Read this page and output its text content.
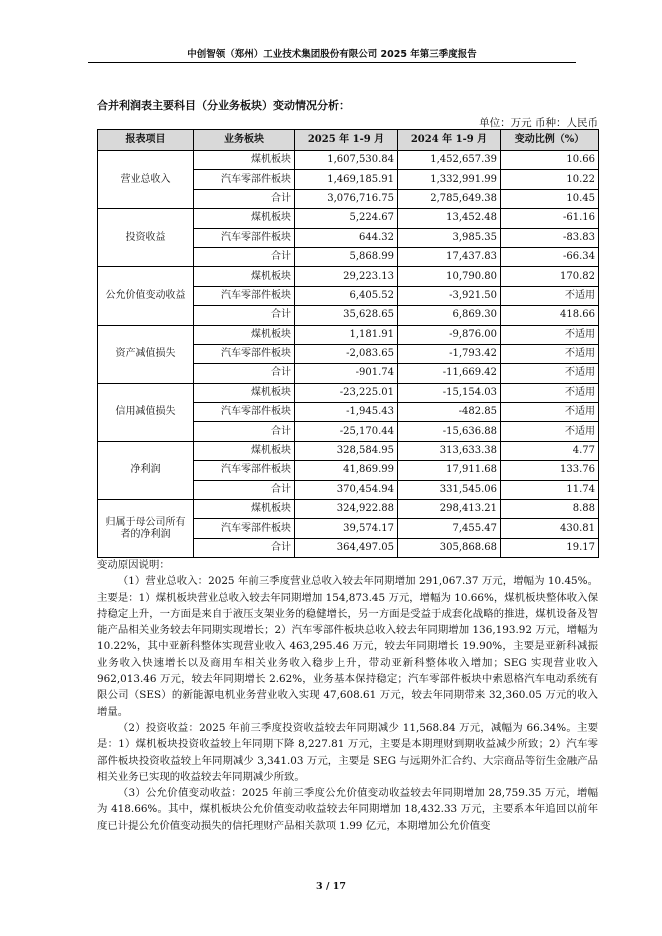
中创智领（郑州）工业技术集团股份有限公司 2025 年第三季度报告
合并利润表主要科目（分业务板块）变动情况分析：
单位：万元 币种：人民币
报表项目	业务板块	2025 年 1-9 月	2024 年 1-9 月	变动比例（%）
营业总收入	煤机板块	1,607,530.84	1,452,657.39	10.66
	汽车零部件板块	1,469,185.91	1,332,991.99	10.22
	合计	3,076,716.75	2,785,649.38	10.45
投资收益	煤机板块	5,224.67	13,452.48	-61.16
	汽车零部件板块	644.32	3,985.35	-83.83
	合计	5,868.99	17,437.83	-66.34
公允价值变动收益	煤机板块	29,223.13	10,790.80	170.82
	汽车零部件板块	6,405.52	-3,921.50	不适用
	合计	35,628.65	6,869.30	418.66
资产减值损失	煤机板块	1,181.91	-9,876.00	不适用
	汽车零部件板块	-2,083.65	-1,793.42	不适用
	合计	-901.74	-11,669.42	不适用
信用减值损失	煤机板块	-23,225.01	-15,154.03	不适用
	汽车零部件板块	-1,945.43	-482.85	不适用
	合计	-25,170.44	-15,636.88	不适用
净利润	煤机板块	328,584.95	313,633.38	4.77
	汽车零部件板块	41,869.99	17,911.68	133.76
	合计	370,454.94	331,545.06	11.74
归属于母公司所有者的净利润	煤机板块	324,922.88	298,413.21	8.88
	汽车零部件板块	39,574.17	7,455.47	430.81
	合计	364,497.05	305,868.68	19.17

变动原因说明：

（1）营业总收入：2025 年前三季度营业总收入较去年同期增加 291,067.37 万元，增幅为 10.45%。主要是：1）煤机板块营业总收入较去年同期增加 154,873.45 万元，增幅为 10.66%，煤机板块整体收入保持稳定上升，一方面是来自于液压支架业务的稳健增长，另一方面是受益于成套化战略的推进，煤机设备及智能产品相关业务较去年同期实现增长；2）汽车零部件板块总收入较去年同期增加 136,193.92 万元，增幅为 10.22%，其中亚新科整体实现营业收入 463,295.46 万元，较去年同期增长 19.90%，主要是亚新科减振业务收入快速增长以及商用车相关业务收入稳步上升，带动亚新科整体收入增加；SEG 实现营业收入 962,013.46 万元，较去年同期增长 2.62%，业务基本保持稳定；汽车零部件板块中索恩格汽车电动系统有限公司（SES）的新能源电机业务营业收入实现 47,608.61 万元，较去年同期带来 32,360.05 万元的收入增量。

（2）投资收益：2025 年前三季度投资收益较去年同期减少 11,568.84 万元，减幅为 66.34%。主要是：1）煤机板块投资收益较上年同期下降 8,227.81 万元，主要是本期理财到期收益减少所致；2）汽车零部件板块投资收益较上年同期减少 3,341.03 万元，主要是 SEG 与远期外汇合约、大宗商品等衍生金融产品相关业务已实现的收益较去年同期减少所致。

（3）公允价值变动收益：2025 年前三季度公允价值变动收益较去年同期增加 28,759.35 万元，增幅为 418.66%。其中，煤机板块公允价值变动收益较去年同期增加 18,432.33 万元，主要系本年追回以前年度已计提公允价值变动损失的信托理财产品相关款项 1.99 亿元，本期增加公允价值变

3 / 17
